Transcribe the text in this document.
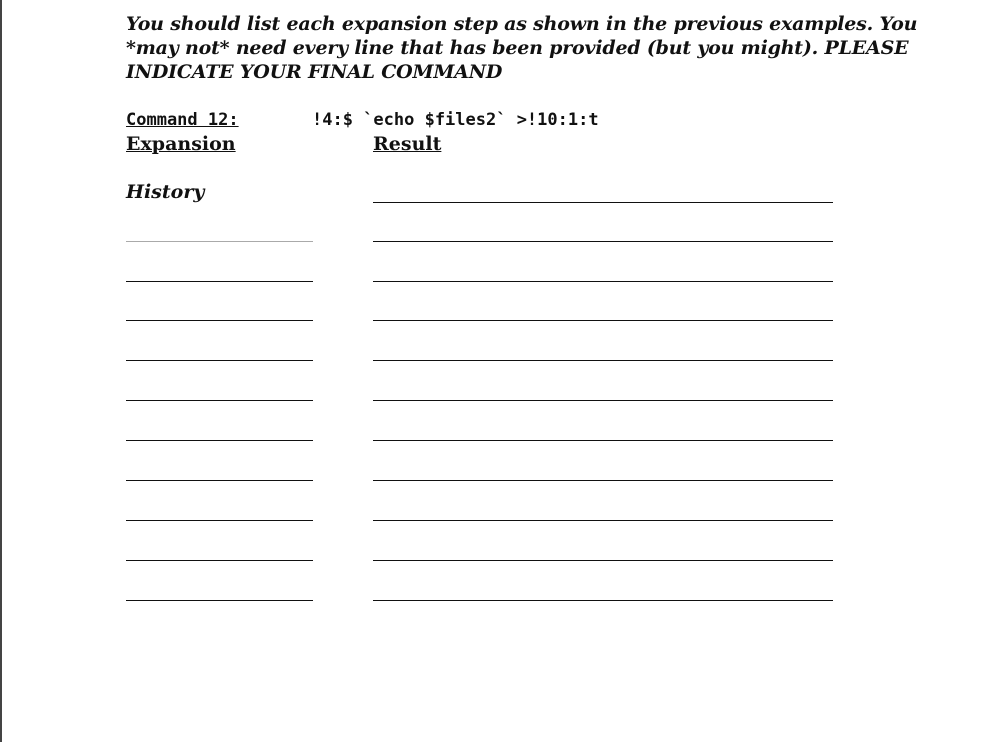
You should list each expansion step as shown in the previous examples. You *may not* need every line that has been provided (but you might). PLEASE INDICATE YOUR FINAL COMMAND

Command 12:	!4:$ `echo $files2` >!10:1:t
Expansion	Result
History
